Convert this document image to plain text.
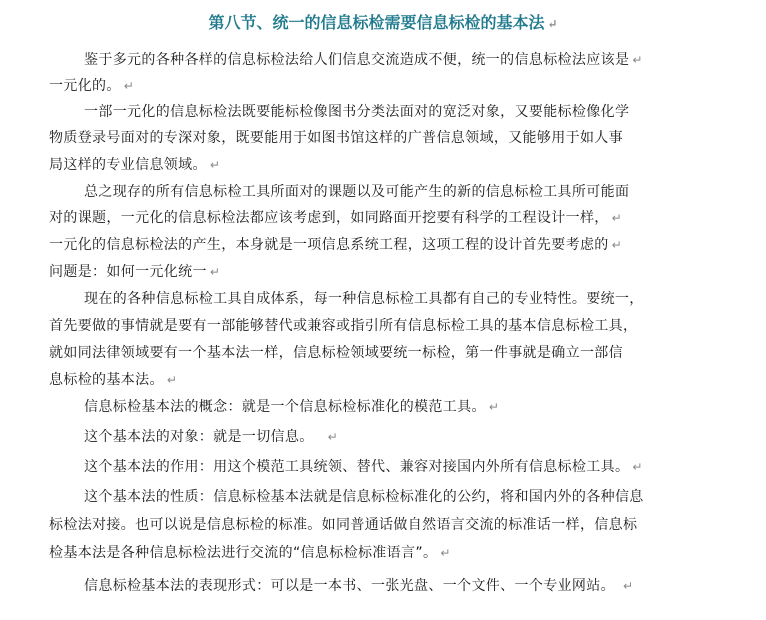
第八节、统一的信息标检需要信息标检的基本法 ↵
鉴于多元的各种各样的信息标检法给人们信息交流造成不便，统一的信息标检法应该是 ↵
一元化的。 ↵
一部一元化的信息标检法既要能标检像图书分类法面对的宽泛对象，又要能标检像化学
物质登录号面对的专深对象，既要能用于如图书馆这样的广普信息领域，又能够用于如人事
局这样的专业信息领域。 ↵
总之现存的所有信息标检工具所面对的课题以及可能产生的新的信息标检工具所可能面
对的课题，一元化的信息标检法都应该考虑到，如同路面开挖要有科学的工程设计一样， ↵
一元化的信息标检法的产生，本身就是一项信息系统工程，这项工程的设计首先要考虑的 ↵
问题是：如何一元化统一 ↵
现在的各种信息标检工具自成体系，每一种信息标检工具都有自己的专业特性。要统一，
首先要做的事情就是要有一部能够替代或兼容或指引所有信息标检工具的基本信息标检工具，
就如同法律领域要有一个基本法一样，信息标检领域要统一标检，第一件事就是确立一部信
息标检的基本法。 ↵
信息标检基本法的概念：就是一个信息标检标准化的模范工具。 ↵
这个基本法的对象：就是一切信息。 ↵
这个基本法的作用：用这个模范工具统领、替代、兼容对接国内外所有信息标检工具。 ↵
这个基本法的性质：信息标检基本法就是信息标检标准化的公约，将和国内外的各种信息
标检法对接。也可以说是信息标检的标准。如同普通话做自然语言交流的标准话一样，信息标
检基本法是各种信息标检法进行交流的“信息标检标准语言”。 ↵
信息标检基本法的表现形式：可以是一本书、一张光盘、一个文件、一个专业网站。 ↵
